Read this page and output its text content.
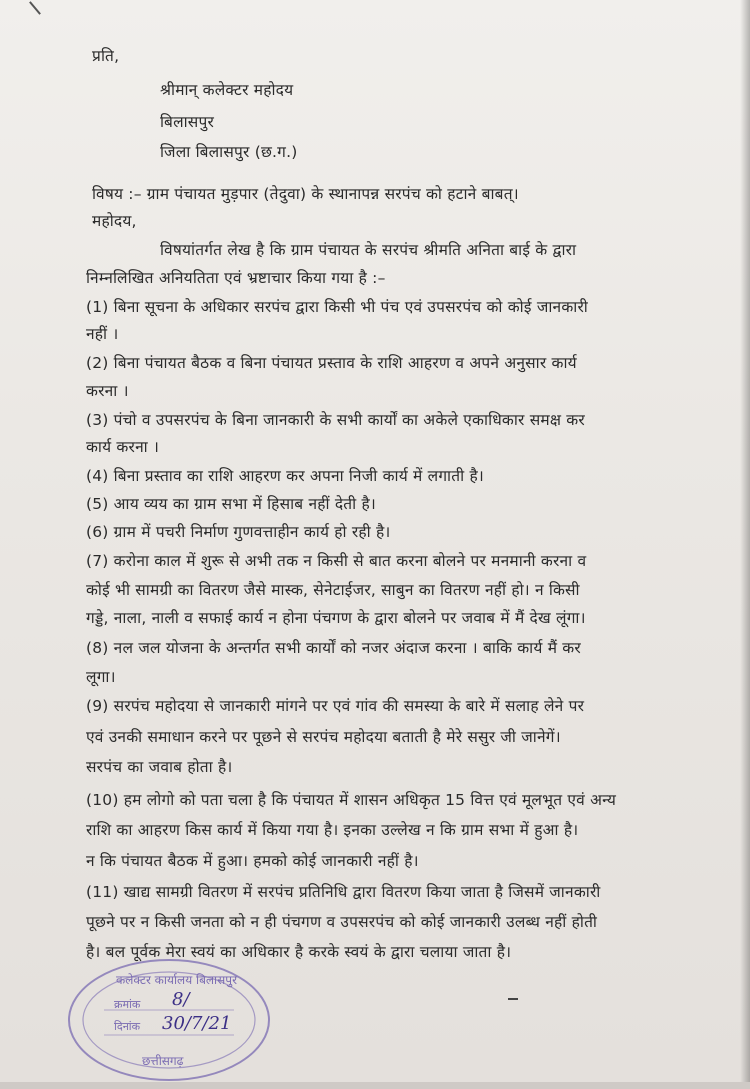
प्रति,
श्रीमान् कलेक्टर महोदय
बिलासपुर
जिला बिलासपुर (छ.ग.)
विषय :– ग्राम पंचायत मुड़पार (तेदुवा) के स्थानापन्न सरपंच को हटाने बाबत्।
महोदय,
विषयांतर्गत लेख है कि ग्राम पंचायत के सरपंच श्रीमति अनिता बाई के द्वारा
निम्नलिखित अनियतिता एवं भ्रष्टाचार किया गया है :–
(1) बिना सूचना के अधिकार सरपंच द्वारा किसी भी पंच एवं उपसरपंच को कोई जानकारी
नहीं ।
(2) बिना पंचायत बैठक व बिना पंचायत प्रस्ताव के राशि आहरण व अपने अनुसार कार्य
करना ।
(3) पंचो व उपसरपंच के बिना जानकारी के सभी कार्यों का अकेले एकाधिकार समक्ष कर
कार्य करना ।
(4) बिना प्रस्ताव का राशि आहरण कर अपना निजी कार्य में लगाती है।
(5) आय व्यय का ग्राम सभा में हिसाब नहीं देती है।
(6) ग्राम में पचरी निर्माण गुणवत्ताहीन कार्य हो रही है।
(7) करोना काल में शुरू से अभी तक न किसी से बात करना बोलने पर मनमानी करना व
कोई भी सामग्री का वितरण जैसे मास्क, सेनेटाईजर, साबुन का वितरण नहीं हो। न किसी
गड्डे, नाला, नाली व सफाई कार्य न होना पंचगण के द्वारा बोलने पर जवाब में मैं देख लूंगा।
(8) नल जल योजना के अन्तर्गत सभी कार्यों को नजर अंदाज करना । बाकि कार्य मैं कर
लूगा।
(9) सरपंच महोदया से जानकारी मांगने पर एवं गांव की समस्या के बारे में सलाह लेने पर
एवं उनकी समाधान करने पर पूछने से सरपंच महोदया बताती है मेरे ससुर जी जानेगें।
सरपंच का जवाब होता है।
(10) हम लोगो को पता चला है कि पंचायत में शासन अधिकृत 15 वित्त एवं मूलभूत एवं अन्य
राशि का आहरण किस कार्य में किया गया है। इनका उल्लेख न कि ग्राम सभा में हुआ है।
न कि पंचायत बैठक में हुआ। हमको कोई जानकारी नहीं है।
(11) खाद्य सामग्री वितरण में सरपंच प्रतिनिधि द्वारा वितरण किया जाता है जिसमें जानकारी
पूछने पर न किसी जनता को न ही पंचगण व उपसरपंच को कोई जानकारी उलब्ध नहीं होती
है। बल पूर्वक मेरा स्वयं का अधिकार है करके स्वयं के द्वारा चलाया जाता है।
कलेक्टर कार्यालय बिलासपुर
क्रमांक 8/
दिनांक 30/7/21
छत्तीसगढ़
